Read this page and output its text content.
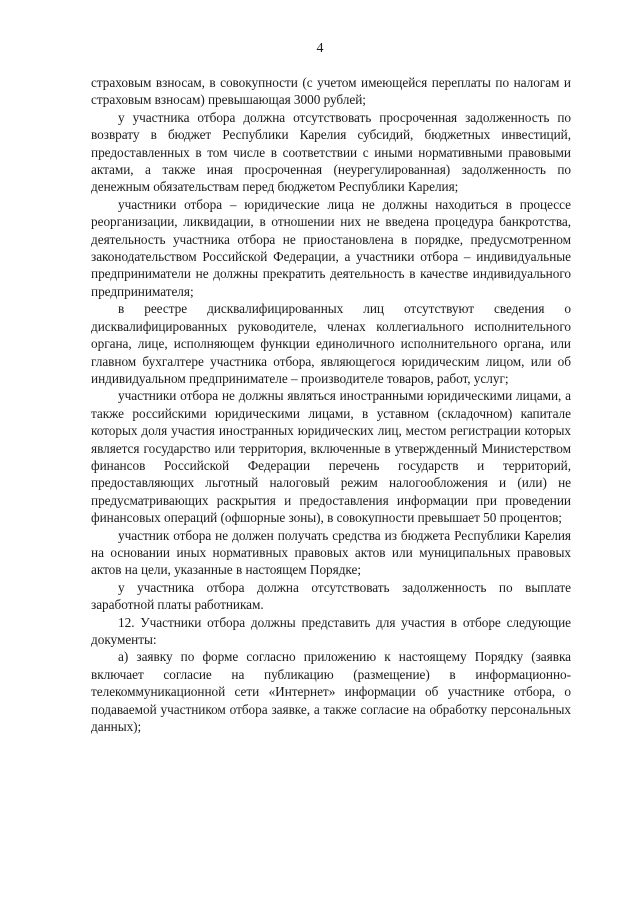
4

страховым взносам, в совокупности (с учетом имеющейся переплаты по налогам и страховым взносам) превышающая 3000 рублей;

у участника отбора должна отсутствовать просроченная задолженность по возврату в бюджет Республики Карелия субсидий, бюджетных инвестиций, предоставленных в том числе в соответствии с иными нормативными правовыми актами, а также иная просроченная (неурегулированная) задолженность по денежным обязательствам перед бюджетом Республики Карелия;

участники отбора – юридические лица не должны находиться в процессе реорганизации, ликвидации, в отношении них не введена процедура банкротства, деятельность участника отбора не приостановлена в порядке, предусмотренном законодательством Российской Федерации, а участники отбора – индивидуальные предприниматели не должны прекратить деятельность в качестве индивидуального предпринимателя;

в реестре дисквалифицированных лиц отсутствуют сведения о дисквалифицированных руководителе, членах коллегиального исполнительного органа, лице, исполняющем функции единоличного исполнительного органа, или главном бухгалтере участника отбора, являющегося юридическим лицом, или об индивидуальном предпринимателе – производителе товаров, работ, услуг;

участники отбора не должны являться иностранными юридическими лицами, а также российскими юридическими лицами, в уставном (складочном) капитале которых доля участия иностранных юридических лиц, местом регистрации которых является государство или территория, включенные в утвержденный Министерством финансов Российской Федерации перечень государств и территорий, предоставляющих льготный налоговый режим налогообложения и (или) не предусматривающих раскрытия и предоставления информации при проведении финансовых операций (офшорные зоны), в совокупности превышает 50 процентов;

участник отбора не должен получать средства из бюджета Республики Карелия на основании иных нормативных правовых актов или муниципальных правовых актов на цели, указанные в настоящем Порядке;

у участника отбора должна отсутствовать задолженность по выплате заработной платы работникам.

12. Участники отбора должны представить для участия в отборе следующие документы:

а) заявку по форме согласно приложению к настоящему Порядку (заявка включает согласие на публикацию (размещение) в информационно-телекоммуникационной сети «Интернет» информации об участнике отбора, о подаваемой участником отбора заявке, а также согласие на обработку персональных данных);
